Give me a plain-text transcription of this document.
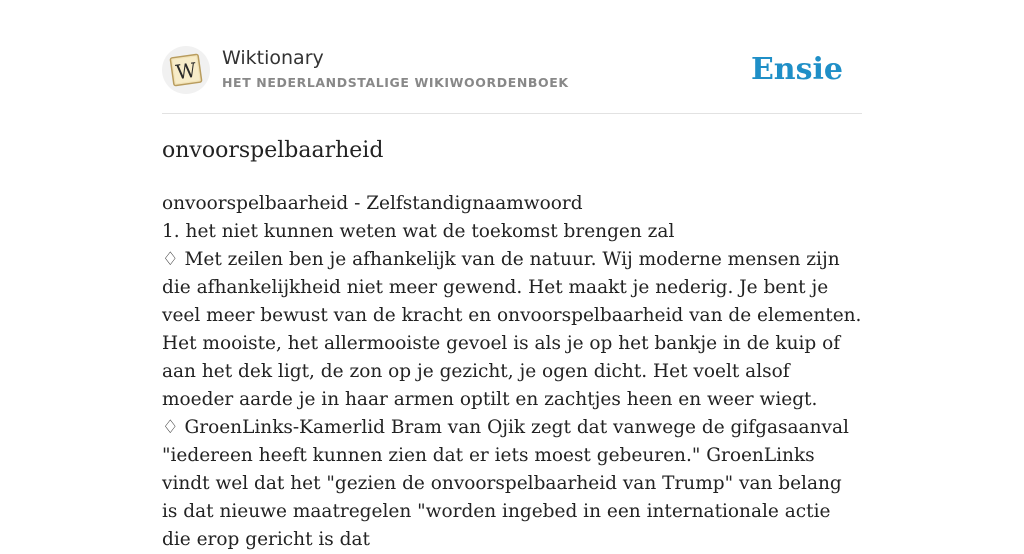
W Wiktionary
HET NEDERLANDSTALIGE WIKIWOORDENBOEK	Ensie
onvoorspelbaarheid

onvoorspelbaarheid - Zelfstandignaamwoord

1. het niet kunnen weten wat de toekomst brengen zal

♢ Met zeilen ben je afhankelijk van de natuur. Wij moderne mensen zijn die afhankelijkheid niet meer gewend. Het maakt je nederig. Je bent je veel meer bewust van de kracht en onvoorspelbaarheid van de elementen. Het mooiste, het allermooiste gevoel is als je op het bankje in de kuip of aan het dek ligt, de zon op je gezicht, je ogen dicht. Het voelt alsof moeder aarde je in haar armen optilt en zachtjes heen en weer wiegt.

♢ GroenLinks-Kamerlid Bram van Ojik zegt dat vanwege de gifgasaanval "iedereen heeft kunnen zien dat er iets moest gebeuren." GroenLinks vindt wel dat het "gezien de onvoorspelbaarheid van Trump" van belang is dat nieuwe maatregelen "worden ingebed in een internationale actie die erop gericht is dat
